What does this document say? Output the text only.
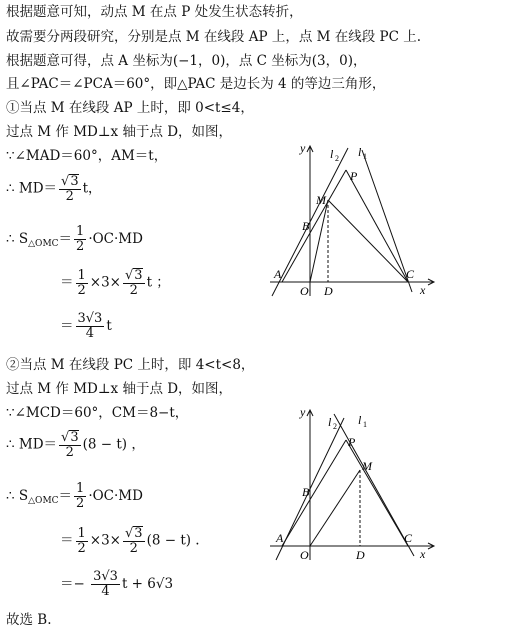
根据题意可知，动点 M 在点 P 处发生状态转折，
故需要分两段研究，分别是点 M 在线段 AP 上，点 M 在线段 PC 上.
根据题意可得，点 A 坐标为(−1，0)，点 C 坐标为(3，0)，
且∠PAC＝∠PCA＝60°，即△PAC 是边长为 4 的等边三角形，
①当点 M 在线段 AP 上时，即 0<t≤4，
过点 M 作 MD⊥x 轴于点 D，如图，
∵∠MAD＝60°，AM＝t，
∴ $MD= \frac{√3}{2}$ t，
∴ $S_{\triangle OMC}= \frac{1}{2} \cdot OC\cdot MD$
＝ $\frac{1}{2} \times 3\times \frac{√3}{2}$ t ；
＝ $\frac{3√3}{4}$ t
②当点 M 在线段 PC 上时，即 4<t<8，
过点 M 作 MD⊥x 轴于点 D，如图，
∵∠MCD＝60°，CM＝8−t，
∴ $MD= \frac{√3}{2} (8 - t)$ ，
∴ $S_{\triangle OMC}= \frac{1}{2} \cdot OC\cdot MD$
＝ $\frac{1}{2} \times 3\times \frac{√3}{2} (8 - t)$ .
＝− $\frac{3√3}{4}$ t + 6√3
故选 B.
y
x
l 2 l 1
P
M
B
A
O D
C
y
x
l 2 l 1
P
M
B
A
O	D
C
